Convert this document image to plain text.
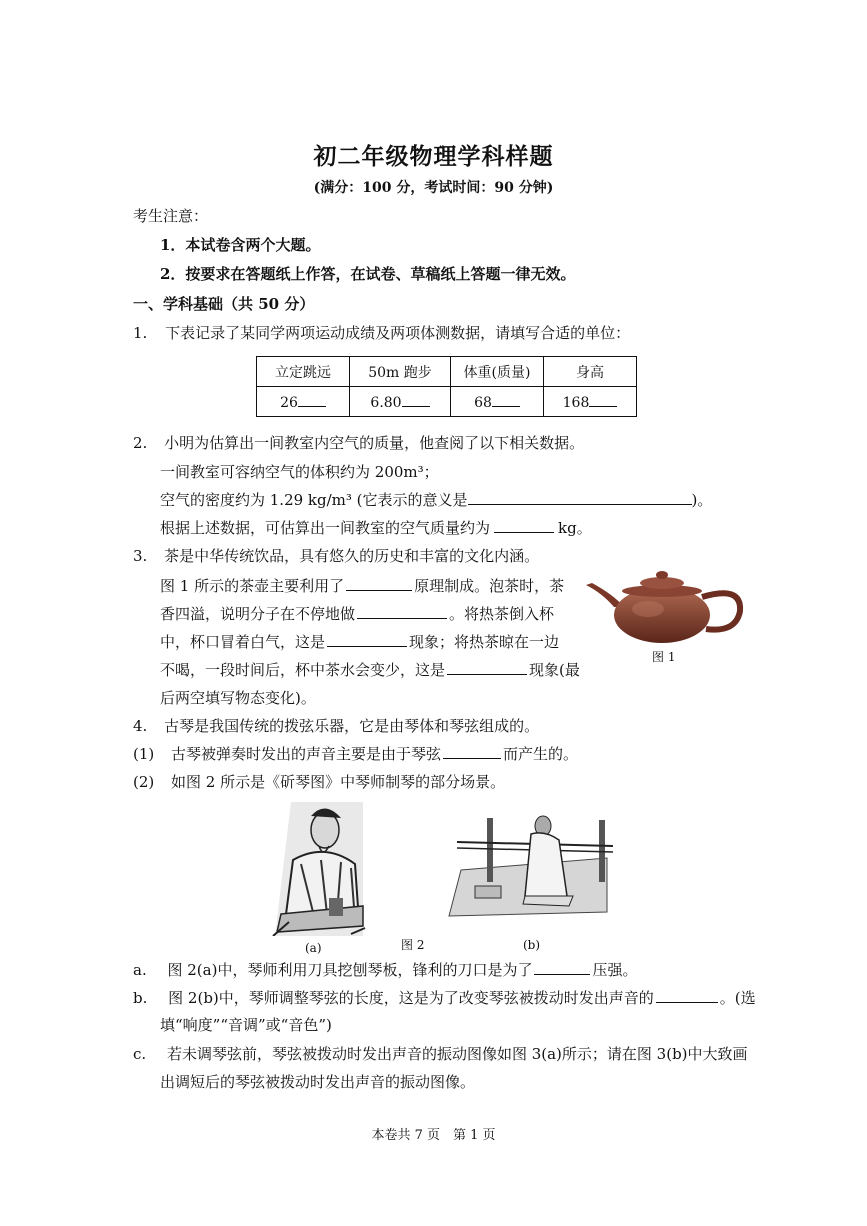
初二年级物理学科样题
(满分：100 分，考试时间：90 分钟)
考生注意：
1．本试卷含两个大题。
2．按要求在答题纸上作答，在试卷、草稿纸上答题一律无效。
一、学科基础（共 50 分）
1. 下表记录了某同学两项运动成绩及两项体测数据，请填写合适的单位：
立定跳远	50m 跑步	体重(质量)	身高
26	6.80	68	168
2. 小明为估算出一间教室内空气的质量，他查阅了以下相关数据。
一间教室可容纳空气的体积约为 200m³；
空气的密度约为 1.29 kg/m³ (它表示的意义是	)。
根据上述数据，可估算出一间教室的空气质量约为	kg。
3. 茶是中华传统饮品，具有悠久的历史和丰富的文化内涵。
图 1 所示的茶壶主要利用了	原理制成。泡茶时，茶
香四溢，说明分子在不停地做	。将热茶倒入杯
中，杯口冒着白气，这是	现象；将热茶晾在一边
不喝，一段时间后，杯中茶水会变少，这是	现象(最
后两空填写物态变化)。
图 1
4. 古琴是我国传统的拨弦乐器，它是由琴体和琴弦组成的。
(1) 古琴被弹奏时发出的声音主要是由于琴弦	而产生的。
(2) 如图 2 所示是《斫琴图》中琴师制琴的部分场景。
(a)	图 2	(b)
a. 图 2(a)中，琴师利用刀具挖刨琴板，锋利的刀口是为了	压强。
b. 图 2(b)中，琴师调整琴弦的长度，这是为了改变琴弦被拨动时发出声音的	。(选
填“响度”“音调”或“音色”)
c. 若未调琴弦前，琴弦被拨动时发出声音的振动图像如图 3(a)所示；请在图 3(b)中大致画
出调短后的琴弦被拨动时发出声音的振动图像。
本卷共 7 页　第 1 页
